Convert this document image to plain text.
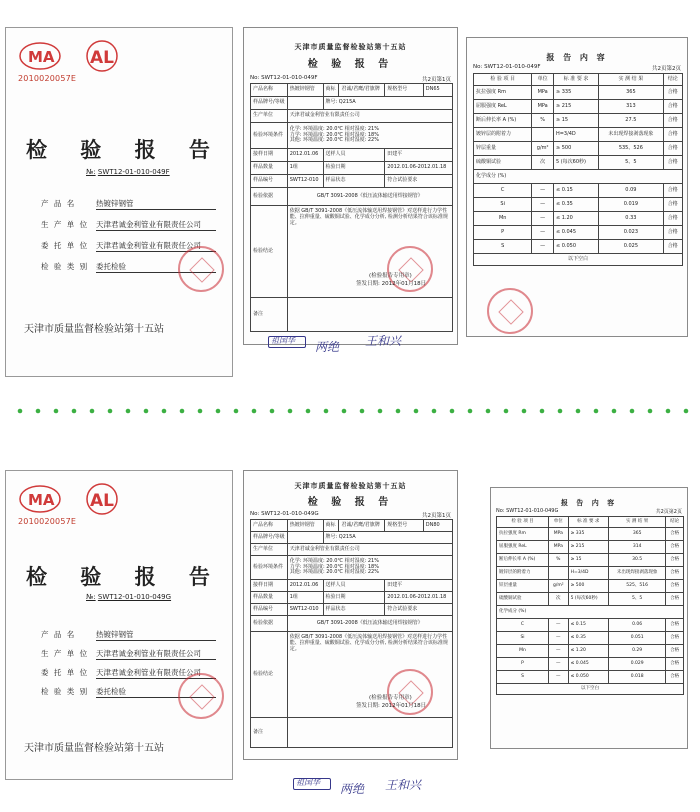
MA AL
2010020057E
检 验 报 告
№: SWT12-01-010-049F
产 品 名	热镀锌钢管
生 产 单 位 天津君诚金利管业有限责任公司
委 托 单 位 天津君诚金利管业有限责任公司
检 验 类 别 委托检验
天津市质量监督检验站第十五站
天津市质量监督检验站第十五站
检 验 报 告
No: SWT12-01-010-049F	共2页第1页
产品名称	热镀锌钢管	商标	君诚/君鹰/君旗牌	规格型号	DN65
样品牌号/等级		牌号: Q215A			
生产单位	天津君诚金利管业有限责任公司				
检验环境条件	化学: 环境温度: 20.0℃ 相对湿度: 21%
力学: 环境温度: 20.0℃ 相对湿度: 18%
其他: 环境温度: 20.0℃ 相对湿度: 22%				
接样日期	2012.01.06	送样人员		田建平	
样品数量	1组	检验日期		2012.01.06-2012.01.18	
样品编号	SWT12-010	样品状态		符合试验要求	
检验依据	GB/T 3091-2008《低压流体输送用焊接钢管》				
检验结论	依据 GB/T 3091-2008《低压流体输送用焊接钢管》对送样进行力学性能、拉伸重量、硫酸铜试验、化学成分分析, 检测分析结果符合该标准规定。				
备注					
(检验报告专用章)
签发日期: 2012年01月18日
祖国华 两绝 王和兴
报 告 内 容
No: SWT12-01-010-049F	共2页第2页
检 验 项 目	单位	标 准 要 求	实 测 结 果	结论
抗拉强度 Rm	MPa	≥ 335	365	合格
屈服强度 ReL	MPa	≥ 215	313	合格
断后伸长率 A (%)	%	≥ 15	27.5	合格
镀锌层的附着力		H=3/4D	未出现焊接剥落现象	合格
锌层重量	g/m²	≥ 500	535、526	合格
硫酸铜试验	次	5 (每次60秒)	5、5	合格
化学成分 (%)				
C	—	≤ 0.15	0.09	合格
Si	—	≤ 0.35	0.019	合格
Mn	—	≤ 1.20	0.33	合格
P	—	≤ 0.045	0.023	合格
S	—	≤ 0.050	0.025	合格
以下空白				
MA AL
2010020057E
检 验 报 告
№: SWT12-01-010-049G
产 品 名	热镀锌钢管
生 产 单 位 天津君诚金利管业有限责任公司
委 托 单 位 天津君诚金利管业有限责任公司
检 验 类 别 委托检验
天津市质量监督检验站第十五站
天津市质量监督检验站第十五站
检 验 报 告
No: SWT12-01-010-049G	共2页第1页
产品名称	热镀锌钢管	商标	君诚/君鹰/君旗牌	规格型号	DN80
样品牌号/等级		牌号: Q215A			
生产单位	天津君诚金利管业有限责任公司				
检验环境条件	化学: 环境温度: 20.0℃ 相对湿度: 21%
力学: 环境温度: 20.0℃ 相对湿度: 18%
其他: 环境温度: 20.0℃ 相对湿度: 22%				
接样日期	2012.01.06	送样人员		田建平	
样品数量	1组	检验日期		2012.01.06-2012.01.18	
样品编号	SWT12-010	样品状态		符合试验要求	
检验依据	GB/T 3091-2008《低压流体输送用焊接钢管》				
检验结论	依据 GB/T 3091-2008《低压流体输送用焊接钢管》对送样进行力学性能、拉伸重量、硫酸铜试验、化学成分分析, 检测分析结果符合该标准规定。				
备注					
(检验报告专用章)
签发日期: 2012年01月18日
祖国华 两绝 王和兴
报 告 内 容
No: SWT12-01-010-049G	共2页第2页
检 验 项 目	单位	标 准 要 求	实 测 结 果	结论
抗拉强度 Rm	MPa	≥ 335	365	合格
屈服强度 ReL	MPa	≥ 215	314	合格
断后伸长率 A (%)	%	≥ 15	30.5	合格
镀锌层的附着力		H=3/4D	未出现焊接剥落现象	合格
锌层重量	g/m²	≥ 500	525、516	合格
硫酸铜试验	次	5 (每次60秒)	5、5	合格
化学成分 (%)				
C	—	≤ 0.15	0.06	合格
Si	—	≤ 0.35	0.051	合格
Mn	—	≤ 1.20	0.29	合格
P	—	≤ 0.045	0.029	合格
S	—	≤ 0.050	0.018	合格
以下空白				
